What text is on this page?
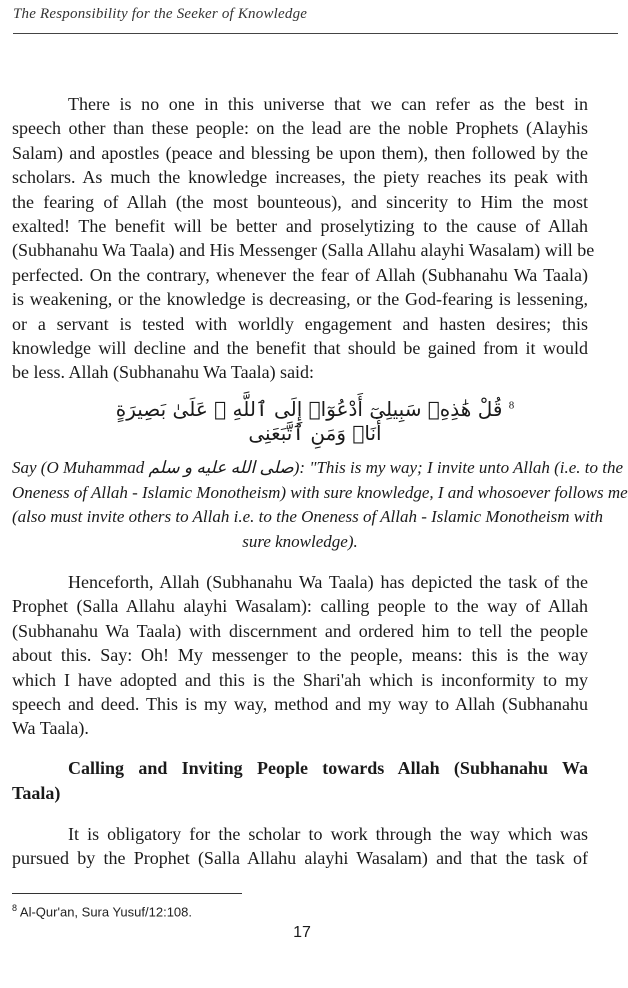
The Responsibility for the Seeker of Knowledge
There is no one in this universe that we can refer as the best in
speech other than these people: on the lead are the noble Prophets (Alayhis
Salam) and apostles (peace and blessing be upon them), then followed by the
scholars. As much the knowledge increases, the piety reaches its peak with
the fearing of Allah (the most bounteous), and sincerity to Him the most
exalted! The benefit will be better and proselytizing to the cause of Allah
(Subhanahu Wa Taala) and His Messenger (Salla Allahu alayhi Wasalam) will be
perfected. On the contrary, whenever the fear of Allah (Subhanahu Wa Taala)
is weakening, or the knowledge is decreasing, or the God-fearing is lessening,
or a servant is tested with worldly engagement and hasten desires; this
knowledge will decline and the benefit that should be gained from it would
be less. Allah (Subhanahu Wa Taala) said:
$^8$ قُلْ هَٰذِهِۦ سَبِيلِىٓ أَدْعُوٓا۟ إِلَى ٱللَّهِ ۚ عَلَىٰ بَصِيرَةٍ أَنَا۠ وَمَنِ ٱتَّبَعَنِى
Say (O Muhammad صلى الله عليه و سلم): "This is my way; I invite unto Allah (i.e. to the
Oneness of Allah - Islamic Monotheism) with sure knowledge, I and whosoever follows me
(also must invite others to Allah i.e. to the Oneness of Allah - Islamic Monotheism with
sure knowledge).
Henceforth, Allah (Subhanahu Wa Taala) has depicted the task of the
Prophet (Salla Allahu alayhi Wasalam): calling people to the way of Allah
(Subhanahu Wa Taala) with discernment and ordered him to tell the people
about this. Say: Oh! My messenger to the people, means: this is the way
which I have adopted and this is the Shari'ah which is inconformity to my
speech and deed. This is my way, method and my way to Allah (Subhanahu
Wa Taala).
Calling and Inviting People towards Allah (Subhanahu Wa
Taala)
It is obligatory for the scholar to work through the way which was
pursued by the Prophet (Salla Allahu alayhi Wasalam) and that the task of
$^8$ Al-Qur'an, Sura Yusuf/12:108.
17
